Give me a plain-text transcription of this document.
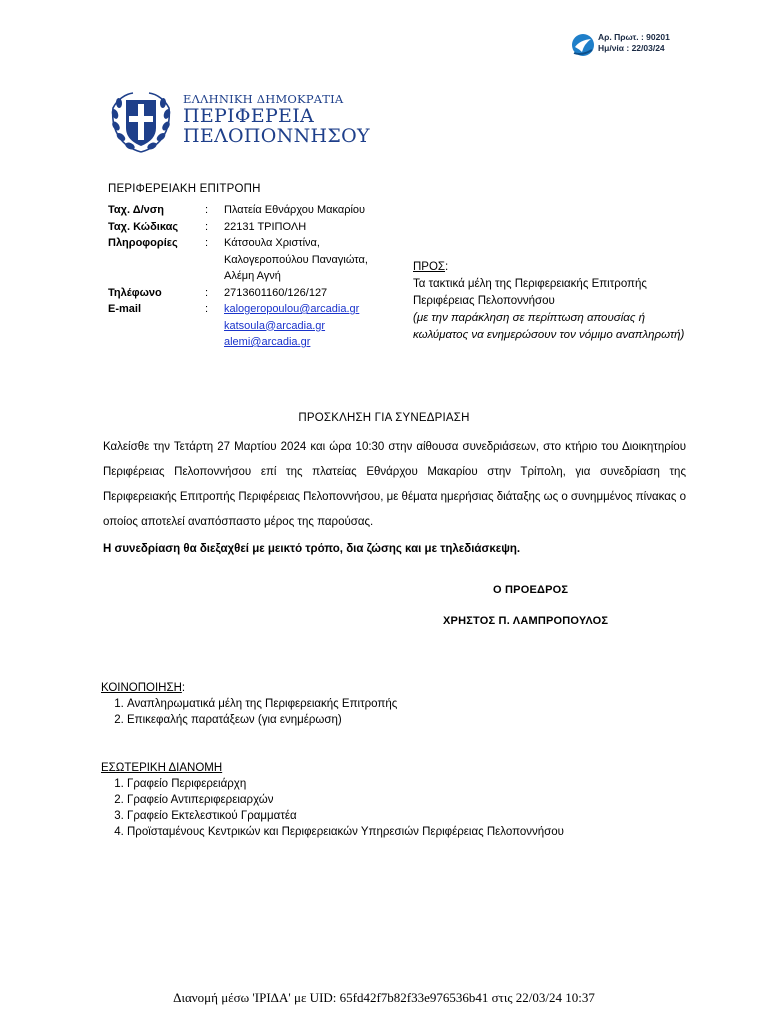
Αρ. Πρωτ. : 90201
Ημ/νία : 22/03/24
ΕΛΛΗΝΙΚΗ ΔΗΜΟΚΡΑΤΙΑ
ΠΕΡΙΦΕΡΕΙΑ
ΠΕΛΟΠΟΝΝΗΣΟΥ
ΠΕΡΙΦΕΡΕΙΑΚΗ ΕΠΙΤΡΟΠΗ
Ταχ. Δ/νση	:	Πλατεία Εθνάρχου Μακαρίου
Ταχ. Κώδικας	:	22131 ΤΡΙΠΟΛΗ
Πληροφορίες	:	Κάτσουλα Χριστίνα,
Καλογεροπούλου Παναγιώτα,
Αλέμη Αγνή

Τηλέφωνο	:	2713601160/126/127
E-mail	:	kalogeropoulou@arcadia.gr
katsoula@arcadia.gr
alemi@arcadia.gr
ΠΡΟΣ:
Τα τακτικά μέλη της Περιφερειακής Επιτροπής
Περιφέρειας Πελοποννήσου
(με την παράκληση σε περίπτωση απουσίας ή κωλύματος να ενημερώσουν τον νόμιμο αναπληρωτή)
ΠΡΟΣΚΛΗΣΗ ΓΙΑ ΣΥΝΕΔΡΙΑΣΗ
Καλείσθε την Τετάρτη 27 Μαρτίου 2024 και ώρα 10:30 στην αίθουσα συνεδριάσεων, στο κτήριο του Διοικητηρίου Περιφέρειας Πελοποννήσου επί της πλατείας Εθνάρχου Μακαρίου στην Τρίπολη, για συνεδρίαση της Περιφερειακής Επιτροπής Περιφέρειας Πελοποννήσου, με θέματα ημερήσιας διάταξης ως ο συνημμένος πίνακας ο οποίος αποτελεί αναπόσπαστο μέρος της παρούσας.
Η συνεδρίαση θα διεξαχθεί με μεικτό τρόπο, δια ζώσης και με τηλεδιάσκεψη.
Ο ΠΡΟΕΔΡΟΣ
ΧΡΗΣΤΟΣ Π. ΛΑΜΠΡΟΠΟΥΛΟΣ
ΚΟΙΝΟΠΟΙΗΣΗ:
1. Αναπληρωματικά μέλη της Περιφερειακής Επιτροπής
2. Επικεφαλής παρατάξεων (για ενημέρωση)
ΕΣΩΤΕΡΙΚΗ ΔΙΑΝΟΜΗ
1. Γραφείο Περιφερειάρχη
2. Γραφείο Αντιπεριφερειαρχών
3. Γραφείο Εκτελεστικού Γραμματέα
4. Προϊσταμένους Κεντρικών και Περιφερειακών Υπηρεσιών Περιφέρειας Πελοποννήσου
Διανομή μέσω 'ΙΡΙΔΑ' με UID: 65fd42f7b82f33e976536b41 στις 22/03/24 10:37
